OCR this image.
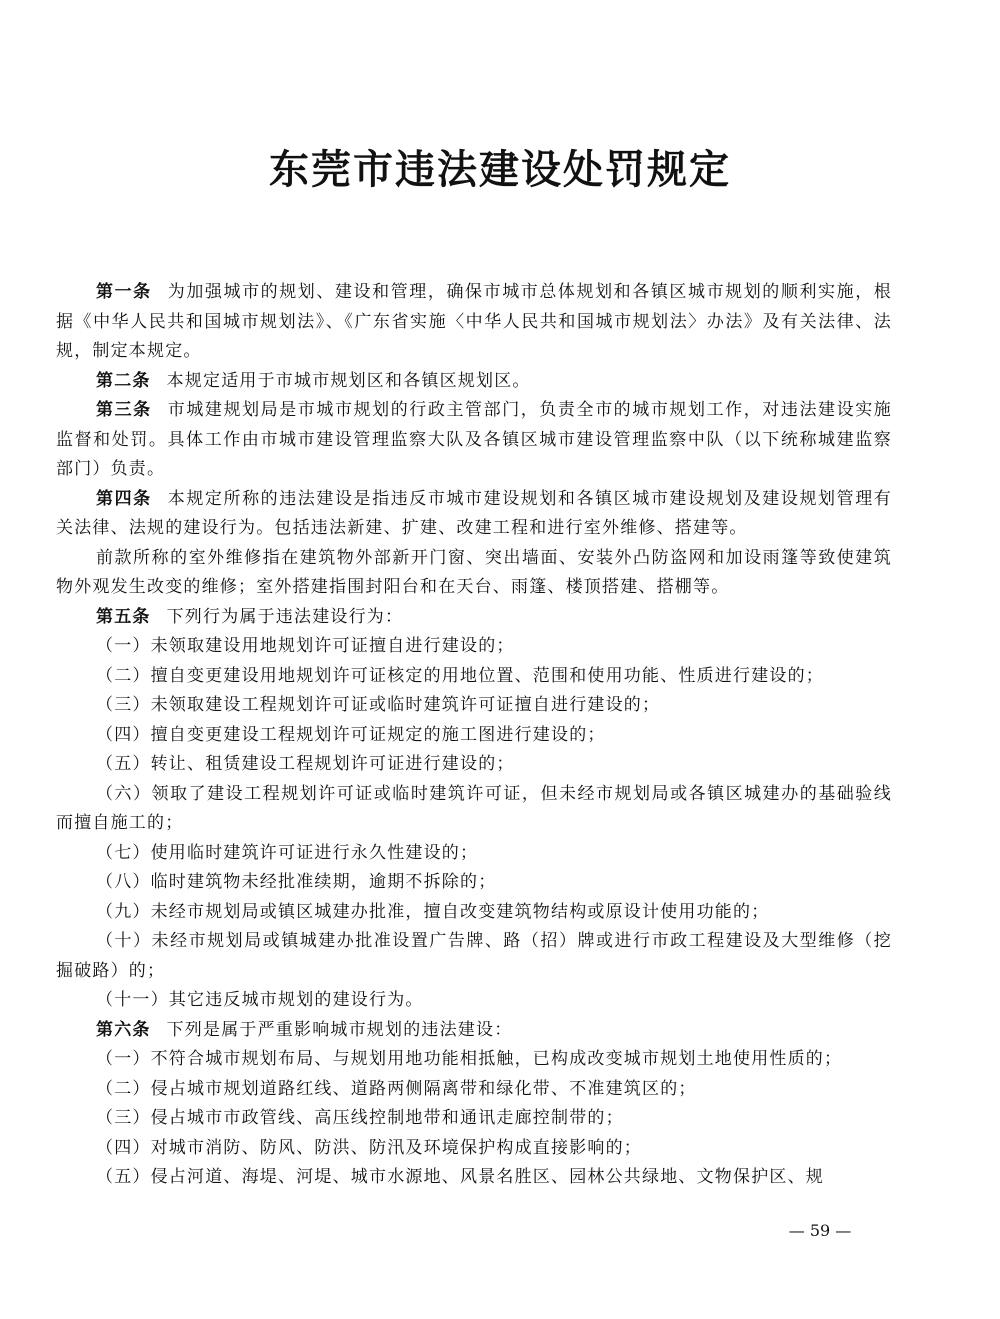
东莞市违法建设处罚规定

第一条 为加强城市的规划、建设和管理，确保市城市总体规划和各镇区城市规划的顺利实施，根据《中华人民共和国城市规划法》、《广东省实施〈中华人民共和国城市规划法〉办法》及有关法律、法规，制定本规定。

第二条 本规定适用于市城市规划区和各镇区规划区。

第三条 市城建规划局是市城市规划的行政主管部门，负责全市的城市规划工作，对违法建设实施监督和处罚。具体工作由市城市建设管理监察大队及各镇区城市建设管理监察中队（以下统称城建监察部门）负责。

第四条 本规定所称的违法建设是指违反市城市建设规划和各镇区城市建设规划及建设规划管理有关法律、法规的建设行为。包括违法新建、扩建、改建工程和进行室外维修、搭建等。

前款所称的室外维修指在建筑物外部新开门窗、突出墙面、安装外凸防盗网和加设雨篷等致使建筑物外观发生改变的维修；室外搭建指围封阳台和在天台、雨篷、楼顶搭建、搭棚等。

第五条 下列行为属于违法建设行为：

（一）未领取建设用地规划许可证擅自进行建设的；

（二）擅自变更建设用地规划许可证核定的用地位置、范围和使用功能、性质进行建设的；

（三）未领取建设工程规划许可证或临时建筑许可证擅自进行建设的；

（四）擅自变更建设工程规划许可证规定的施工图进行建设的；

（五）转让、租赁建设工程规划许可证进行建设的；

（六）领取了建设工程规划许可证或临时建筑许可证，但未经市规划局或各镇区城建办的基础验线而擅自施工的；

（七）使用临时建筑许可证进行永久性建设的；

（八）临时建筑物未经批准续期，逾期不拆除的；

（九）未经市规划局或镇区城建办批准，擅自改变建筑物结构或原设计使用功能的；

（十）未经市规划局或镇城建办批准设置广告牌、路（招）牌或进行市政工程建设及大型维修（挖掘破路）的；

（十一）其它违反城市规划的建设行为。

第六条 下列是属于严重影响城市规划的违法建设：

（一）不符合城市规划布局、与规划用地功能相抵触，已构成改变城市规划土地使用性质的；

（二）侵占城市规划道路红线、道路两侧隔离带和绿化带、不准建筑区的；

（三）侵占城市市政管线、高压线控制地带和通讯走廊控制带的；

（四）对城市消防、防风、防洪、防汛及环境保护构成直接影响的；

（五）侵占河道、海堤、河堤、城市水源地、风景名胜区、园林公共绿地、文物保护区、规

— 59 —
